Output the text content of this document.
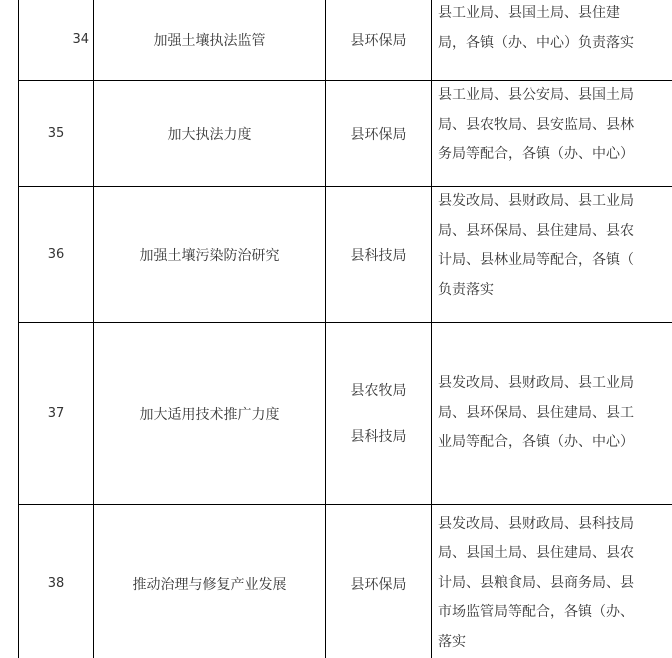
34	加强土壤执法监管	县环保局	县工业局、县国土局、县住建
局，各镇（办、中心）负责落实

35	加大执法力度	县环保局	县工业局、县公安局、县国土局
局、县农牧局、县安监局、县林
务局等配合，各镇（办、中心）

36	加强土壤污染防治研究	县科技局	县发改局、县财政局、县工业局
局、县环保局、县住建局、县农
计局、县林业局等配合，各镇（
负责落实

37	加大适用技术推广力度	县农牧局
县科技局	县发改局、县财政局、县工业局
局、县环保局、县住建局、县工
业局等配合，各镇（办、中心）

38	推动治理与修复产业发展	县环保局	县发改局、县财政局、县科技局
局、县国土局、县住建局、县农
计局、县粮食局、县商务局、县
市场监管局等配合，各镇（办、
落实
